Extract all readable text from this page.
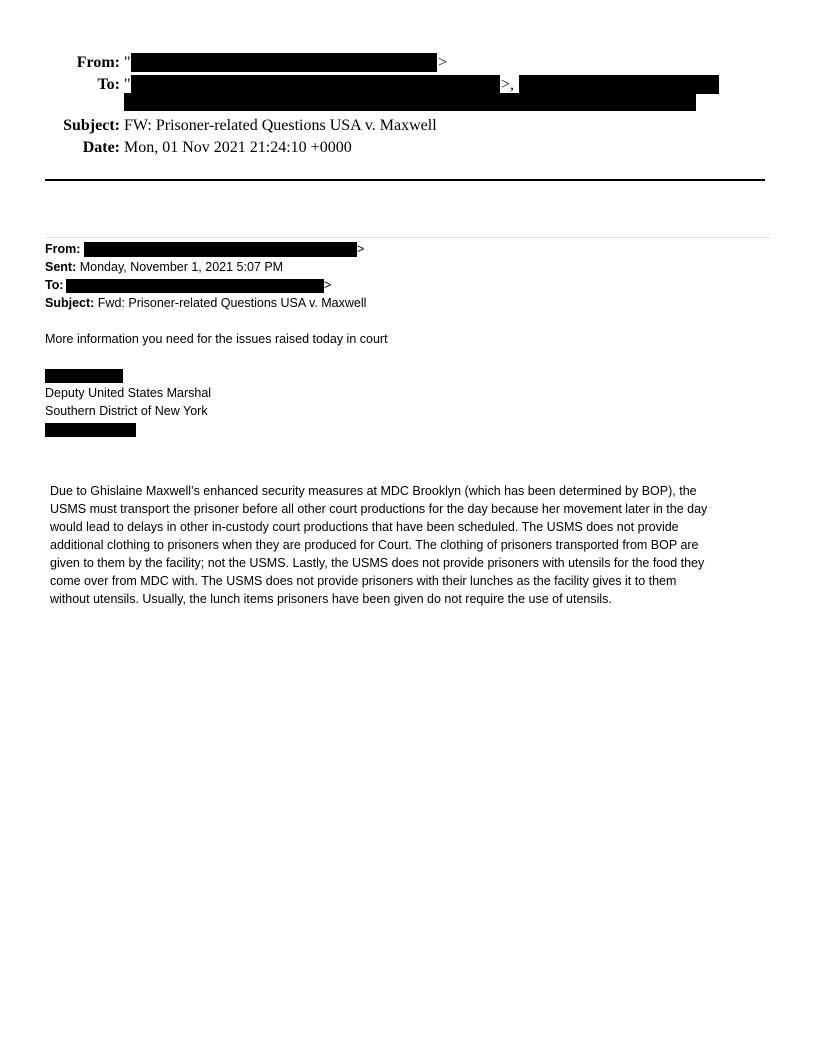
From: "	>
To: "	>,
Subject: FW: Prisoner-related Questions USA v. Maxwell
Date: Mon, 01 Nov 2021 21:24:10 +0000
From:	>
Sent: Monday, November 1, 2021 5:07 PM
To:	>
Subject: Fwd: Prisoner-related Questions USA v. Maxwell
More information you need for the issues raised today in court
Deputy United States Marshal
Southern District of New York
Due to Ghislaine Maxwell’s enhanced security measures at MDC Brooklyn (which has been determined by BOP), the
USMS must transport the prisoner before all other court productions for the day because her movement later in the day
would lead to delays in other in-custody court productions that have been scheduled. The USMS does not provide
additional clothing to prisoners when they are produced for Court. The clothing of prisoners transported from BOP are
given to them by the facility; not the USMS. Lastly, the USMS does not provide prisoners with utensils for the food they
come over from MDC with. The USMS does not provide prisoners with their lunches as the facility gives it to them
without utensils. Usually, the lunch items prisoners have been given do not require the use of utensils.
